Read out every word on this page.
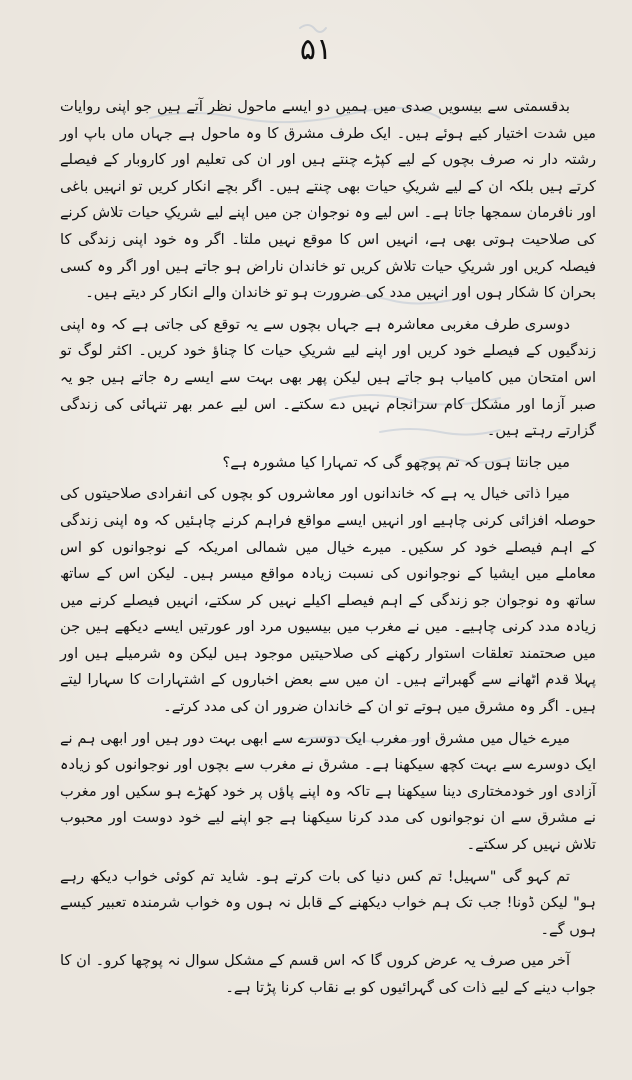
۵۱

بدقسمتی سے بیسویں صدی میں ہمیں دو ایسے ماحول نظر آتے ہیں جو اپنی روایات میں شدت اختیار کیے ہوئے ہیں۔ ایک طرف مشرق کا وہ ماحول ہے جہاں ماں باپ اور رشتہ دار نہ صرف بچوں کے لیے کپڑے چنتے ہیں اور ان کی تعلیم اور کاروبار کے فیصلے کرتے ہیں بلکہ ان کے لیے شریکِ حیات بھی چنتے ہیں۔ اگر بچے انکار کریں تو انہیں باغی اور نافرمان سمجھا جاتا ہے۔ اس لیے وہ نوجوان جن میں اپنے لیے شریکِ حیات تلاش کرنے کی صلاحیت ہوتی بھی ہے، انہیں اس کا موقع نہیں ملتا۔ اگر وہ خود اپنی زندگی کا فیصلہ کریں اور شریکِ حیات تلاش کریں تو خاندان ناراض ہو جاتے ہیں اور اگر وہ کسی بحران کا شکار ہوں اور انہیں مدد کی ضرورت ہو تو خاندان والے انکار کر دیتے ہیں۔

دوسری طرف مغربی معاشرہ ہے جہاں بچوں سے یہ توقع کی جاتی ہے کہ وہ اپنی زندگیوں کے فیصلے خود کریں اور اپنے لیے شریکِ حیات کا چناؤ خود کریں۔ اکثر لوگ تو اس امتحان میں کامیاب ہو جاتے ہیں لیکن پھر بھی بہت سے ایسے رہ جاتے ہیں جو یہ صبر آزما اور مشکل کام سرانجام نہیں دے سکتے۔ اس لیے عمر بھر تنہائی کی زندگی گزارتے رہتے ہیں۔

میں جانتا ہوں کہ تم پوچھو گی کہ تمہارا کیا مشورہ ہے؟

میرا ذاتی خیال یہ ہے کہ خاندانوں اور معاشروں کو بچوں کی انفرادی صلاحیتوں کی حوصلہ افزائی کرنی چاہیے اور انہیں ایسے مواقع فراہم کرنے چاہئیں کہ وہ اپنی زندگی کے اہم فیصلے خود کر سکیں۔ میرے خیال میں شمالی امریکہ کے نوجوانوں کو اس معاملے میں ایشیا کے نوجوانوں کی نسبت زیادہ مواقع میسر ہیں۔ لیکن اس کے ساتھ ساتھ وہ نوجوان جو زندگی کے اہم فیصلے اکیلے نہیں کر سکتے، انہیں فیصلے کرنے میں زیادہ مدد کرنی چاہیے۔ میں نے مغرب میں بیسیوں مرد اور عورتیں ایسے دیکھے ہیں جن میں صحتمند تعلقات استوار رکھنے کی صلاحیتیں موجود ہیں لیکن وہ شرمیلے ہیں اور پہلا قدم اٹھانے سے گھبراتے ہیں۔ ان میں سے بعض اخباروں کے اشتہارات کا سہارا لیتے ہیں۔ اگر وہ مشرق میں ہوتے تو ان کے خاندان ضرور ان کی مدد کرتے۔

میرے خیال میں مشرق اور مغرب ایک دوسرے سے ابھی بہت دور ہیں اور ابھی ہم نے ایک دوسرے سے بہت کچھ سیکھنا ہے۔ مشرق نے مغرب سے بچوں اور نوجوانوں کو زیادہ آزادی اور خودمختاری دینا سیکھنا ہے تاکہ وہ اپنے پاؤں پر خود کھڑے ہو سکیں اور مغرب نے مشرق سے ان نوجوانوں کی مدد کرنا سیکھنا ہے جو اپنے لیے خود دوست اور محبوب تلاش نہیں کر سکتے۔

تم کہو گی "سہیل! تم کس دنیا کی بات کرتے ہو۔ شاید تم کوئی خواب دیکھ رہے ہو" لیکن ڈونا! جب تک ہم خواب دیکھنے کے قابل نہ ہوں وہ خواب شرمندہ تعبیر کیسے ہوں گے۔

آخر میں صرف یہ عرض کروں گا کہ اس قسم کے مشکل سوال نہ پوچھا کرو۔ ان کا جواب دینے کے لیے ذات کی گہرائیوں کو بے نقاب کرنا پڑتا ہے۔
